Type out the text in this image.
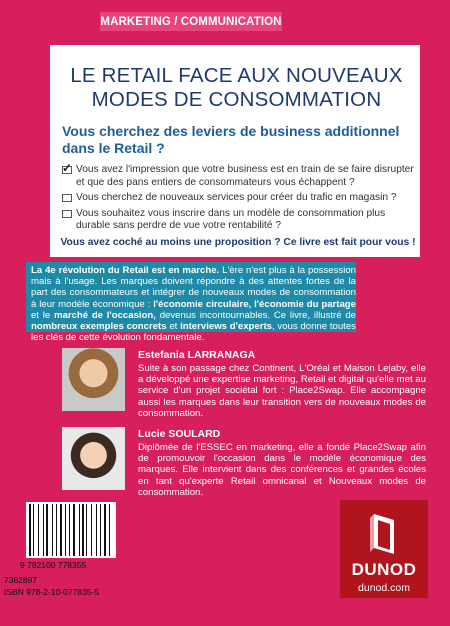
MARKETING / COMMUNICATION
LE RETAIL FACE AUX NOUVEAUX MODES DE CONSOMMATION
Vous cherchez des leviers de business additionnel dans le Retail ?
✓
Vous avez l'impression que votre business est en train de se faire disrupter et que des pans entiers de consommateurs vous échappent ?
Vous cherchez de nouveaux services pour créer du trafic en magasin ?
Vous souhaitez vous inscrire dans un modèle de consommation plus durable sans perdre de vue votre rentabilité ?
Vous avez coché au moins une proposition ? Ce livre est fait pour vous !

La 4e révolution du Retail est en marche. L'ère n'est plus à la possession mais à l'usage. Les marques doivent répondre à des attentes fortes de la part des consommateurs et intégrer de nouveaux modes de consommation à leur modèle économique : l'économie circulaire, l'économie du partage et le marché de l'occasion, devenus incontournables. Ce livre, illustré de nombreux exemples concrets et interviews d'experts, vous donne toutes les clés de cette évolution fondamentale.

Estefania LARRANAGA

Suite à son passage chez Continent, L'Oréal et Maison Lejaby, elle a développé une expertise marketing, Retail et digital qu'elle met au service d'un projet sociétal fort : Place2Swap. Elle accompagne aussi les marques dans leur transition vers de nouveaux modes de consommation.

Lucie SOULARD

Diplômée de l'ESSEC en marketing, elle a fondé Place2Swap afin de promouvoir l'occasion dans le modèle économique des marques. Elle intervient dans des conférences et grandes écoles en tant qu'experte Retail omnicanal et Nouveaux modes de consommation.

9 782100 778355
7362897
ISBN 978-2-10-077835-5
DUNOD
dunod.com
